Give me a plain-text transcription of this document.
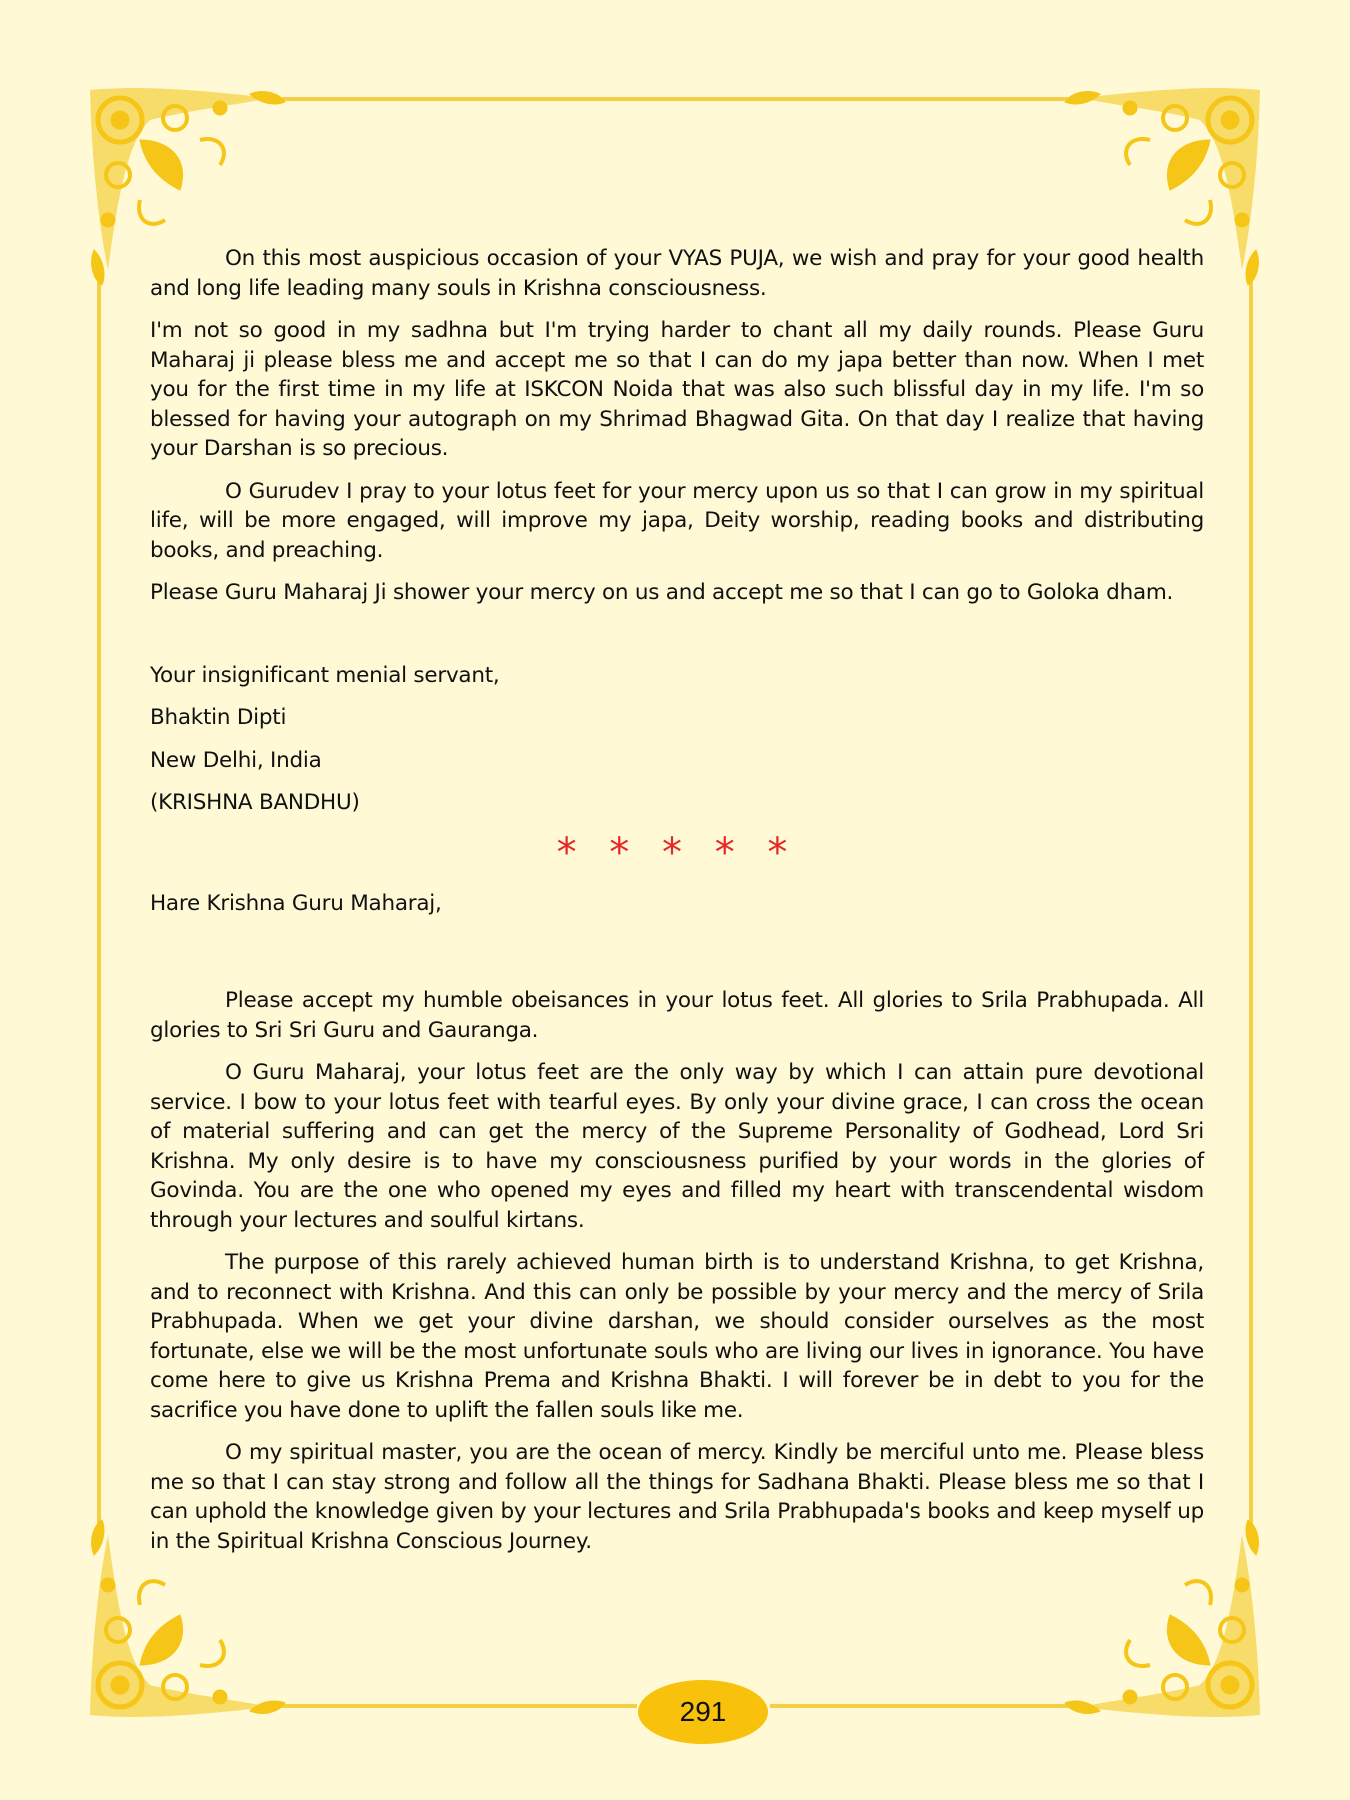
On this most auspicious occasion of your VYAS PUJA, we wish and pray for your good health and long life leading many souls in Krishna consciousness.

I'm not so good in my sadhna but I'm trying harder to chant all my daily rounds. Please Guru Maharaj ji please bless me and accept me so that I can do my japa better than now. When I met you for the first time in my life at ISKCON Noida that was also such blissful day in my life. I'm so blessed for having your autograph on my Shrimad Bhagwad Gita. On that day I realize that having your Darshan is so precious.

O Gurudev I pray to your lotus feet for your mercy upon us so that I can grow in my spiritual life, will be more engaged, will improve my japa, Deity worship, reading books and distributing books, and preaching.

Please Guru Maharaj Ji shower your mercy on us and accept me so that I can go to Goloka dham.

Your insignificant menial servant,

Bhaktin Dipti

New Delhi, India

(KRISHNA BANDHU)

* * * * *

Hare Krishna Guru Maharaj,

Please accept my humble obeisances in your lotus feet. All glories to Srila Prabhupada. All glories to Sri Sri Guru and Gauranga.

O Guru Maharaj, your lotus feet are the only way by which I can attain pure devotional service. I bow to your lotus feet with tearful eyes. By only your divine grace, I can cross the ocean of material suffering and can get the mercy of the Supreme Personality of Godhead, Lord Sri Krishna. My only desire is to have my consciousness purified by your words in the glories of Govinda. You are the one who opened my eyes and filled my heart with transcendental wisdom through your lectures and soulful kirtans.

The purpose of this rarely achieved human birth is to understand Krishna, to get Krishna, and to reconnect with Krishna. And this can only be possible by your mercy and the mercy of Srila Prabhupada. When we get your divine darshan, we should consider ourselves as the most fortunate, else we will be the most unfortunate souls who are living our lives in ignorance. You have come here to give us Krishna Prema and Krishna Bhakti. I will forever be in debt to you for the sacrifice you have done to uplift the fallen souls like me.

O my spiritual master, you are the ocean of mercy. Kindly be merciful unto me. Please bless me so that I can stay strong and follow all the things for Sadhana Bhakti. Please bless me so that I can uphold the knowledge given by your lectures and Srila Prabhupada's books and keep myself up in the Spiritual Krishna Conscious Journey.

291
